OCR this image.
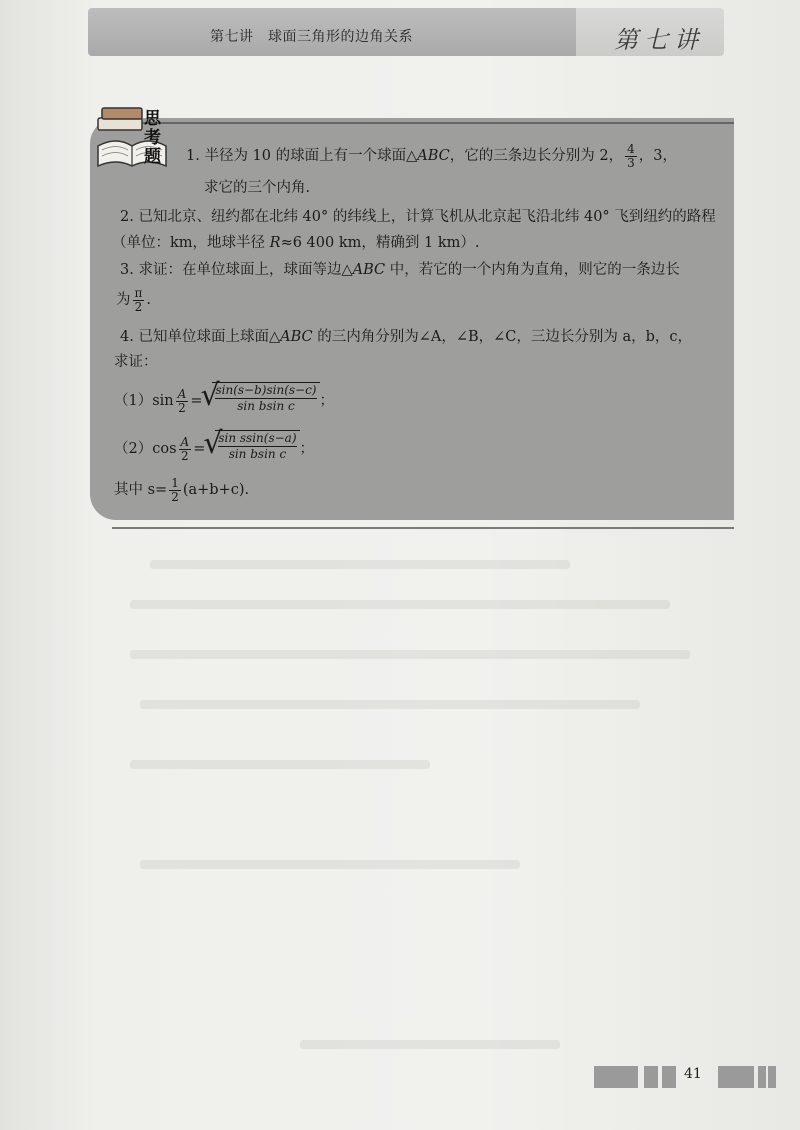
第七讲　球面三角形的边角关系	第七讲
思
考
题	1. 半径为 10 的球面上有一个球面△ABC，它的三条边长分别为 2， $\frac{4}{3}$ ，3，
求它的三个内角.
2. 已知北京、纽约都在北纬 40° 的纬线上，计算飞机从北京起飞沿北纬 40° 飞到纽约的路程
（单位：km，地球半径 R≈6 400 km，精确到 1 km）.
3. 求证：在单位球面上，球面等边△ABC 中，若它的一个内角为直角，则它的一条边长
为 $\frac{\pi}{2}$ .
4. 已知单位球面上球面△ABC 的三内角分别为∠A，∠B，∠C，三边长分别为 a，b，c，
求证：
$(1)\sin \frac{A}{2}$ =
√
$\frac{\sin(s-b)\sin(s-c)}{\text{sin bsin c}}$ ；
$(2)\cos \frac{A}{2}$ =
√
$\frac{\text{sin ssin(s−a)}}{\text{sin bsin c}}$ ；
其中 $s= \frac{1}{2} (a+b+c)$.
41
